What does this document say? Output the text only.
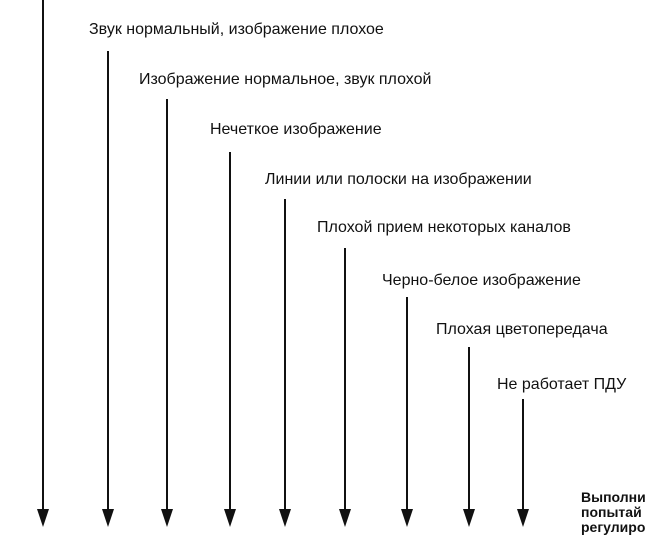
Звук нормальный, изображение плохое
Изображение нормальное, звук плохой
Нечеткое изображение
Линии или полоски на изображении
Плохой прием некоторых каналов
Черно-белое изображение
Плохая цветопередача
Не работает ПДУ
Выполни
попытай
регулиро
